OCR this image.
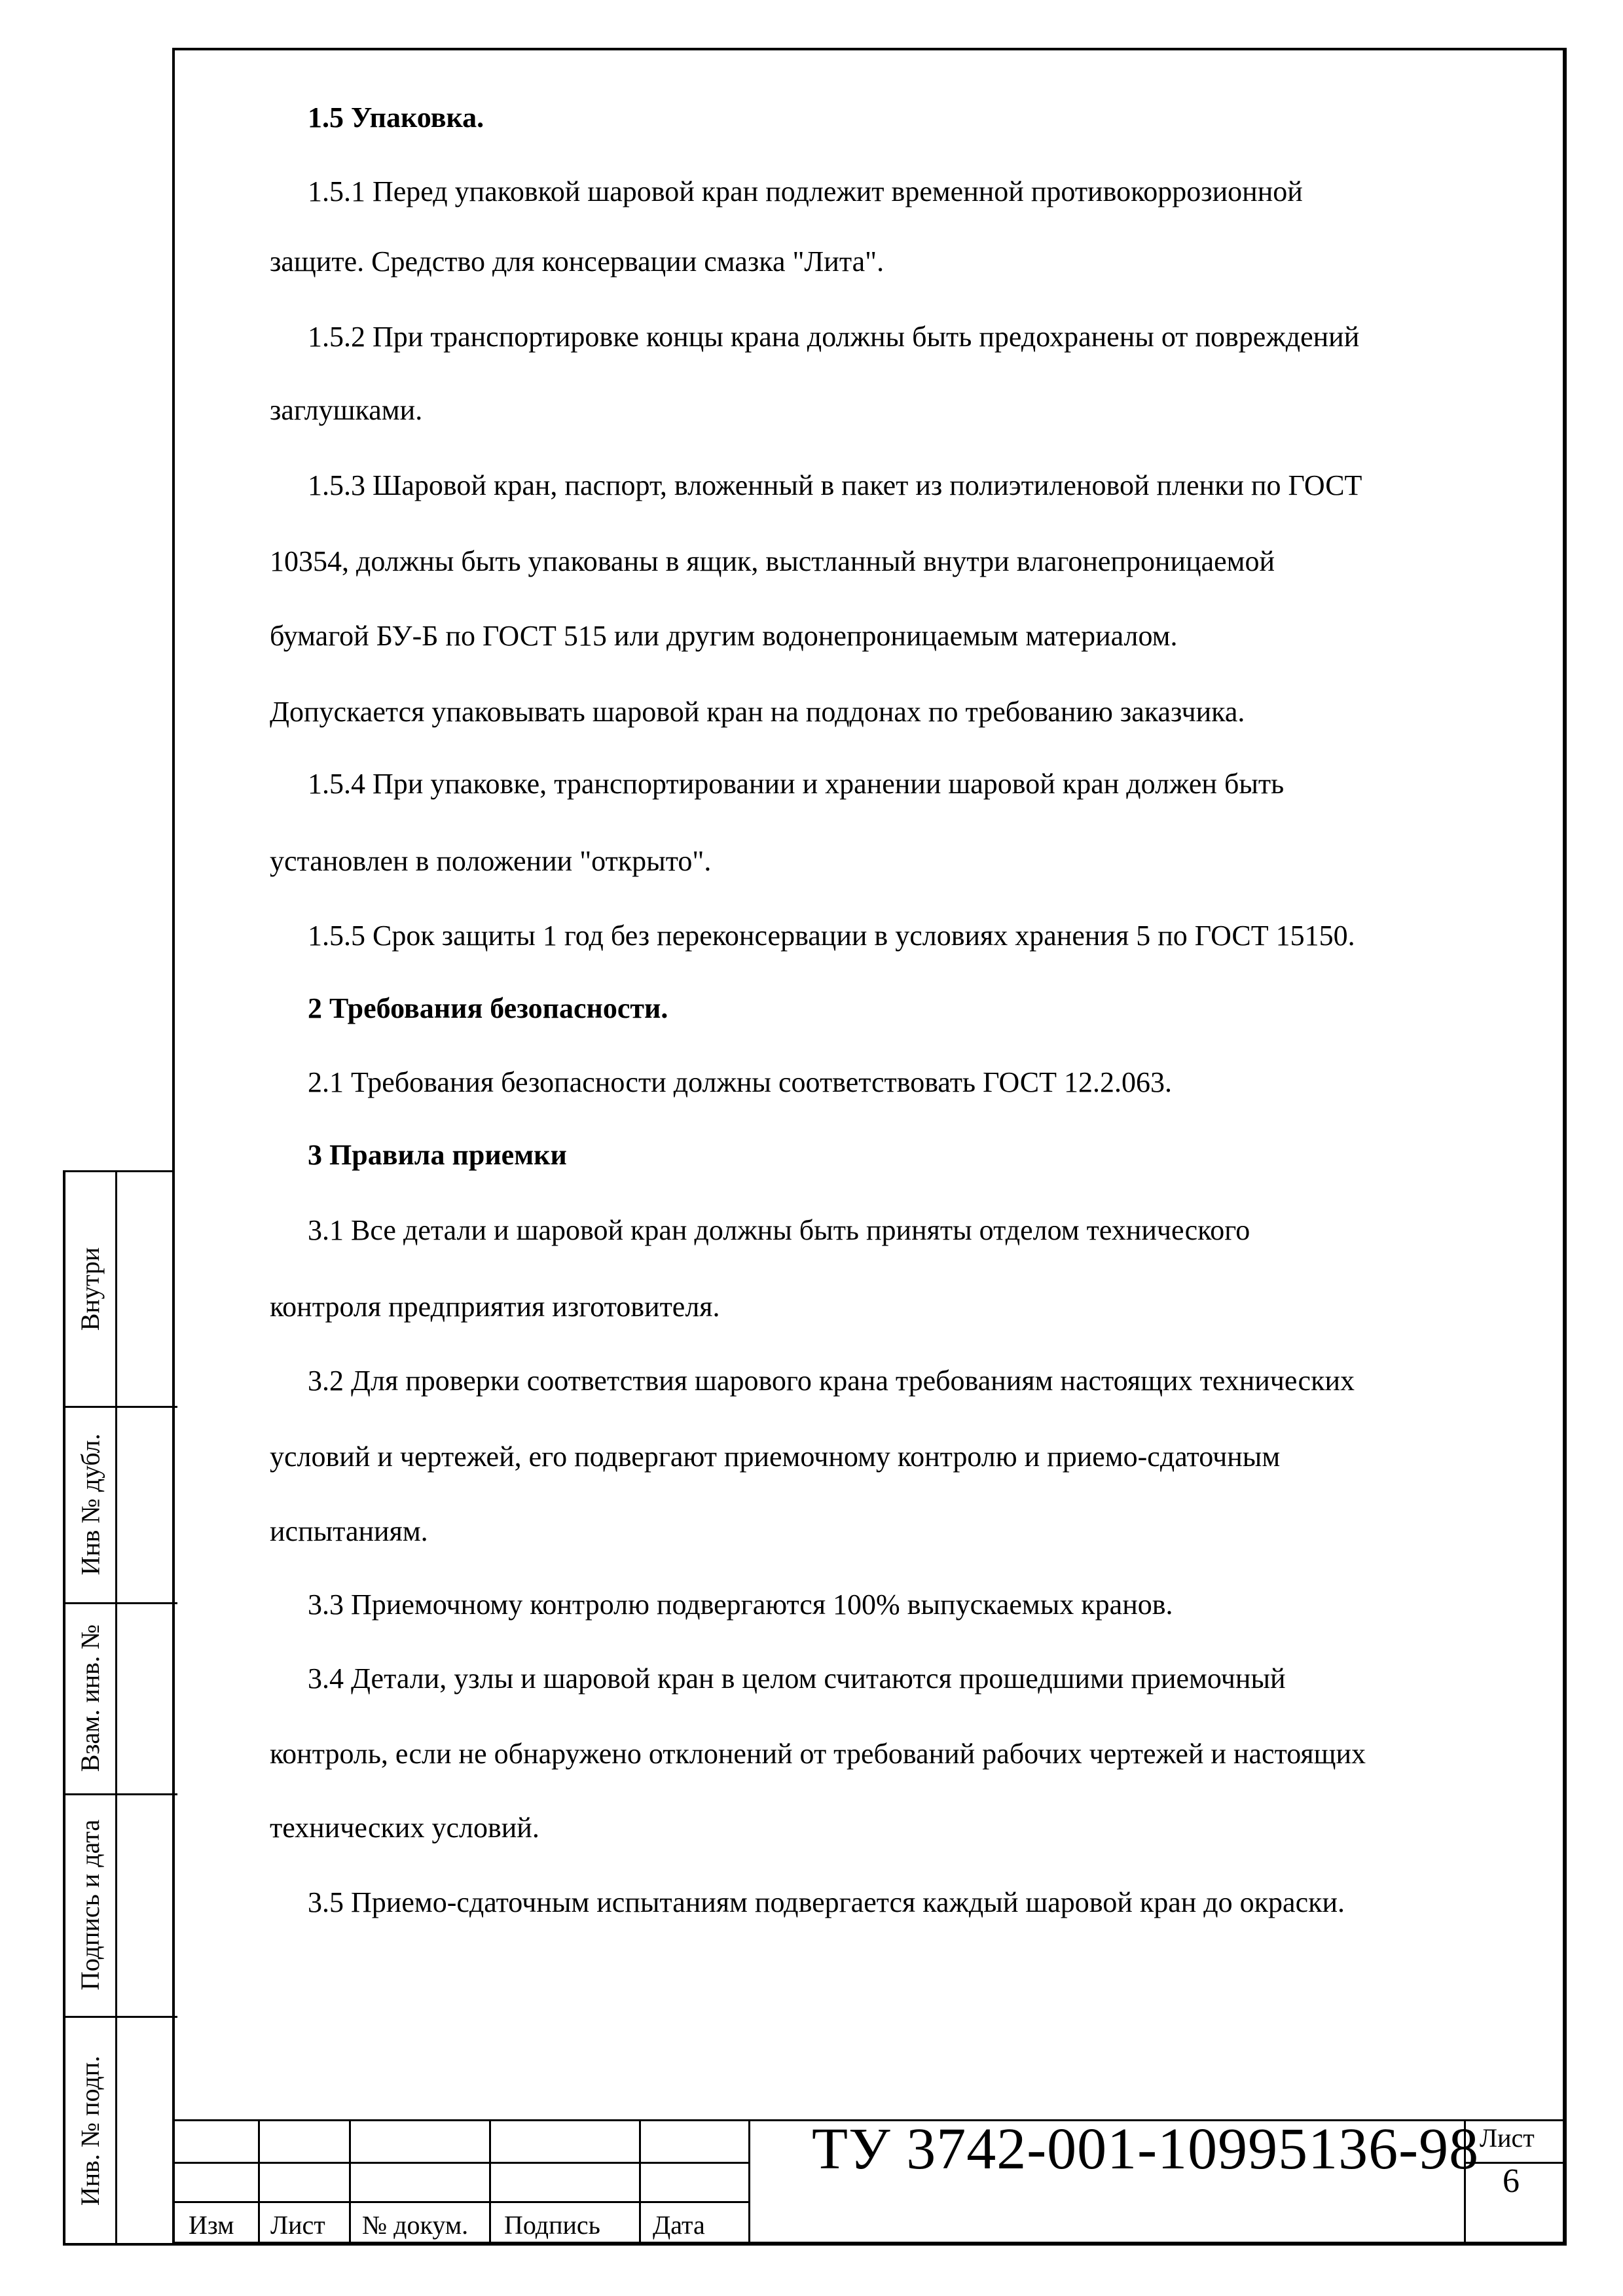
1.5 Упаковка.
1.5.1 Перед упаковкой шаровой кран подлежит временной противокоррозионной
защите. Средство для консервации смазка "Лита".
1.5.2 При транспортировке концы крана должны быть предохранены от повреждений
заглушками.
1.5.3 Шаровой кран, паспорт, вложенный в пакет из полиэтиленовой пленки по ГОСТ
10354, должны быть упакованы в ящик, выстланный внутри влагонепроницаемой
бумагой БУ-Б по ГОСТ 515 или другим водонепроницаемым материалом.
Допускается упаковывать шаровой кран на поддонах по требованию заказчика.
1.5.4 При упаковке, транспортировании и хранении шаровой кран должен быть
установлен в положении "открыто".
1.5.5 Срок защиты 1 год без переконсервации в условиях хранения 5 по ГОСТ 15150.
2 Требования безопасности.
2.1 Требования безопасности должны соответствовать ГОСТ 12.2.063.
3 Правила приемки
3.1 Все детали и шаровой кран должны быть приняты отделом технического
контроля предприятия изготовителя.
3.2 Для проверки соответствия шарового крана требованиям настоящих технических
условий и чертежей, его подвергают приемочному контролю и приемо-сдаточным
испытаниям.
3.3 Приемочному контролю подвергаются 100% выпускаемых кранов.
3.4 Детали, узлы и шаровой кран в целом считаются прошедшими приемочный
контроль, если не обнаружено отклонений от требований рабочих чертежей и настоящих
технических условий.
3.5 Приемо-сдаточным испытаниям подвергается каждый шаровой кран до окраски.
Внутри
Инв № дубл.
Взам. инв. №
Подпись и дата
Инв. № подп.
Изм Лист № докум. Подпись Дата
ТУ 3742-001-10995136-98 Лист
6
